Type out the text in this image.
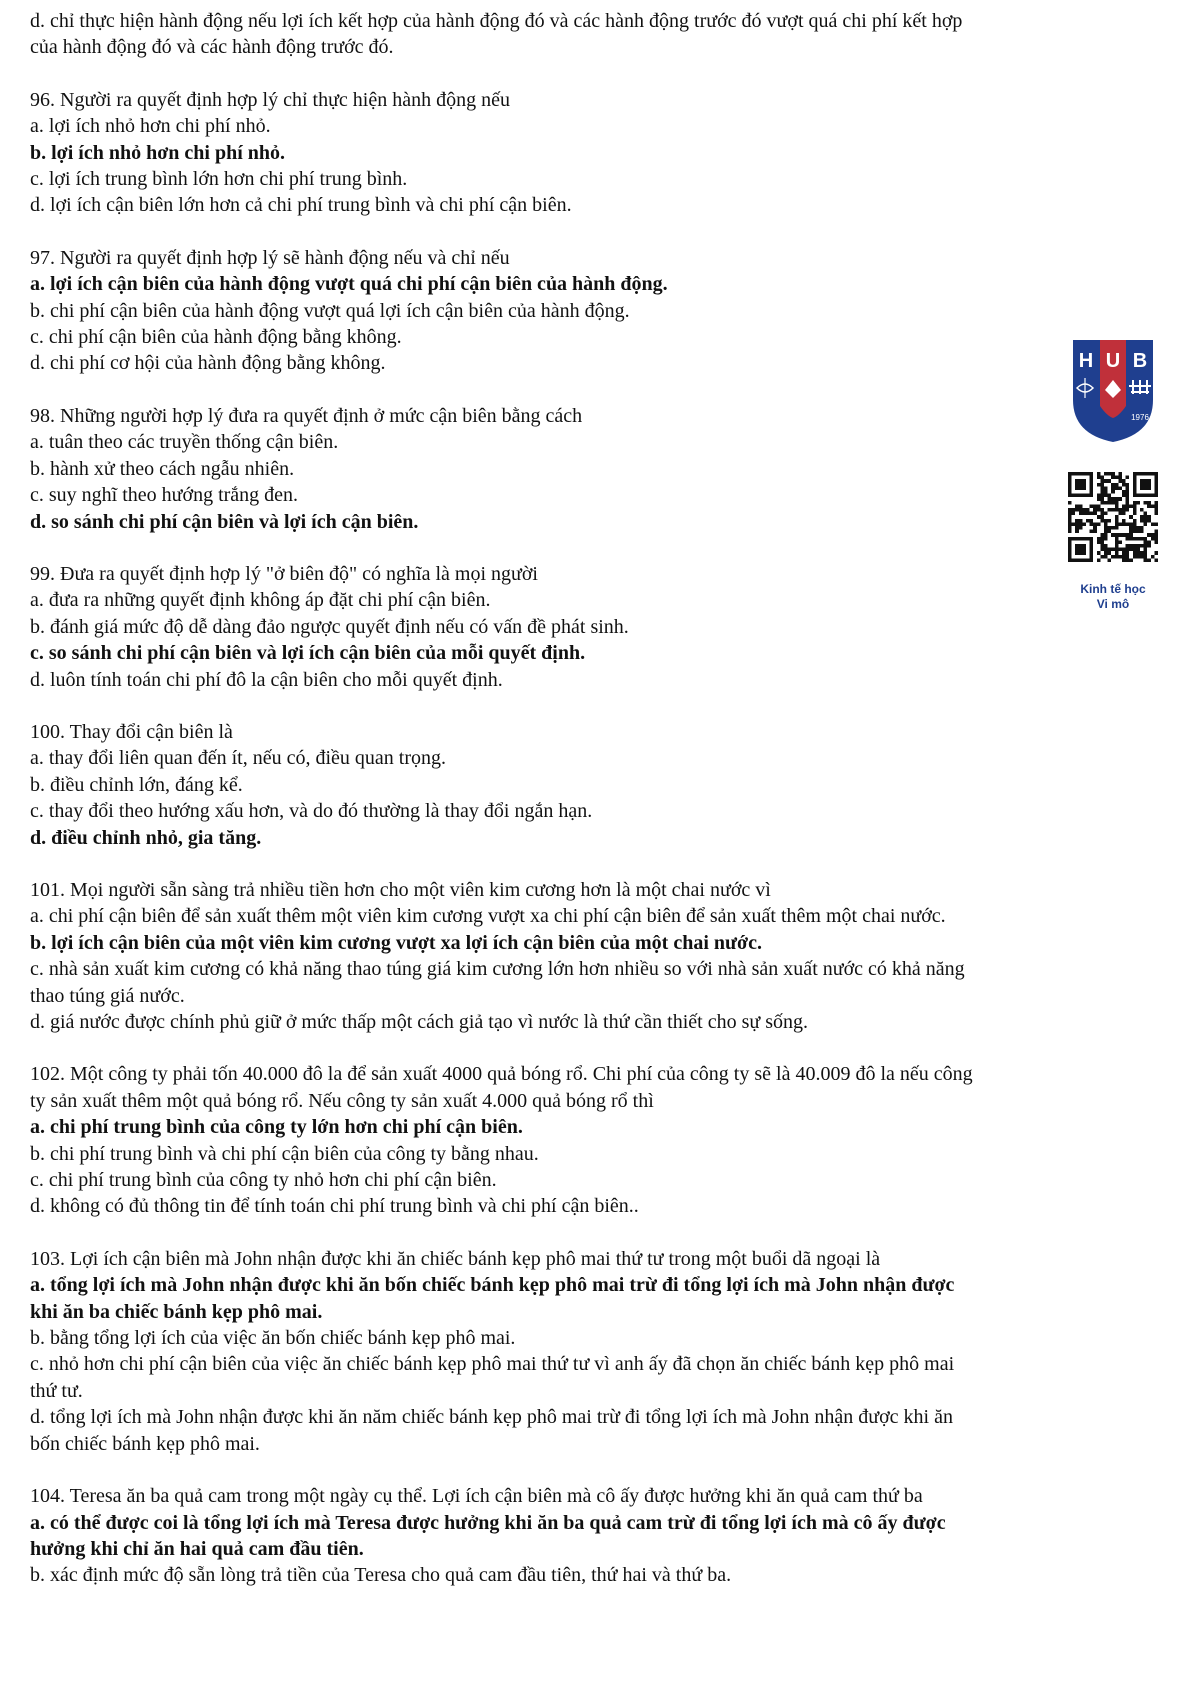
d. chỉ thực hiện hành động nếu lợi ích kết hợp của hành động đó và các hành động trước đó vượt quá chi phí kết hợp
của hành động đó và các hành động trước đó.
96. Người ra quyết định hợp lý chỉ thực hiện hành động nếu
a. lợi ích nhỏ hơn chi phí nhỏ.
b. lợi ích nhỏ hơn chi phí nhỏ.
c. lợi ích trung bình lớn hơn chi phí trung bình.
d. lợi ích cận biên lớn hơn cả chi phí trung bình và chi phí cận biên.
97. Người ra quyết định hợp lý sẽ hành động nếu và chỉ nếu
a. lợi ích cận biên của hành động vượt quá chi phí cận biên của hành động.
b. chi phí cận biên của hành động vượt quá lợi ích cận biên của hành động.
c. chi phí cận biên của hành động bằng không.
d. chi phí cơ hội của hành động bằng không.
98. Những người hợp lý đưa ra quyết định ở mức cận biên bằng cách
a. tuân theo các truyền thống cận biên.
b. hành xử theo cách ngẫu nhiên.
c. suy nghĩ theo hướng trắng đen.
d. so sánh chi phí cận biên và lợi ích cận biên.
99. Đưa ra quyết định hợp lý "ở biên độ" có nghĩa là mọi người
a. đưa ra những quyết định không áp đặt chi phí cận biên.
b. đánh giá mức độ dễ dàng đảo ngược quyết định nếu có vấn đề phát sinh.
c. so sánh chi phí cận biên và lợi ích cận biên của mỗi quyết định.
d. luôn tính toán chi phí đô la cận biên cho mỗi quyết định.
100. Thay đổi cận biên là
a. thay đổi liên quan đến ít, nếu có, điều quan trọng.
b. điều chỉnh lớn, đáng kể.
c. thay đổi theo hướng xấu hơn, và do đó thường là thay đổi ngắn hạn.
d. điều chỉnh nhỏ, gia tăng.
101. Mọi người sẵn sàng trả nhiều tiền hơn cho một viên kim cương hơn là một chai nước vì
a. chi phí cận biên để sản xuất thêm một viên kim cương vượt xa chi phí cận biên để sản xuất thêm một chai nước.
b. lợi ích cận biên của một viên kim cương vượt xa lợi ích cận biên của một chai nước.
c. nhà sản xuất kim cương có khả năng thao túng giá kim cương lớn hơn nhiều so với nhà sản xuất nước có khả năng
thao túng giá nước.
d. giá nước được chính phủ giữ ở mức thấp một cách giả tạo vì nước là thứ cần thiết cho sự sống.
102. Một công ty phải tốn 40.000 đô la để sản xuất 4000 quả bóng rổ. Chi phí của công ty sẽ là 40.009 đô la nếu công
ty sản xuất thêm một quả bóng rổ. Nếu công ty sản xuất 4.000 quả bóng rổ thì
a. chi phí trung bình của công ty lớn hơn chi phí cận biên.
b. chi phí trung bình và chi phí cận biên của công ty bằng nhau.
c. chi phí trung bình của công ty nhỏ hơn chi phí cận biên.
d. không có đủ thông tin để tính toán chi phí trung bình và chi phí cận biên..
103. Lợi ích cận biên mà John nhận được khi ăn chiếc bánh kẹp phô mai thứ tư trong một buổi dã ngoại là
a. tổng lợi ích mà John nhận được khi ăn bốn chiếc bánh kẹp phô mai trừ đi tổng lợi ích mà John nhận được
khi ăn ba chiếc bánh kẹp phô mai.
b. bằng tổng lợi ích của việc ăn bốn chiếc bánh kẹp phô mai.
c. nhỏ hơn chi phí cận biên của việc ăn chiếc bánh kẹp phô mai thứ tư vì anh ấy đã chọn ăn chiếc bánh kẹp phô mai
thứ tư.
d. tổng lợi ích mà John nhận được khi ăn năm chiếc bánh kẹp phô mai trừ đi tổng lợi ích mà John nhận được khi ăn
bốn chiếc bánh kẹp phô mai.
104. Teresa ăn ba quả cam trong một ngày cụ thể. Lợi ích cận biên mà cô ấy được hưởng khi ăn quả cam thứ ba
a. có thể được coi là tổng lợi ích mà Teresa được hưởng khi ăn ba quả cam trừ đi tổng lợi ích mà cô ấy được
hưởng khi chỉ ăn hai quả cam đầu tiên.
b. xác định mức độ sẵn lòng trả tiền của Teresa cho quả cam đầu tiên, thứ hai và thứ ba.
H U B
1976
Kinh tế học
Vi mô
